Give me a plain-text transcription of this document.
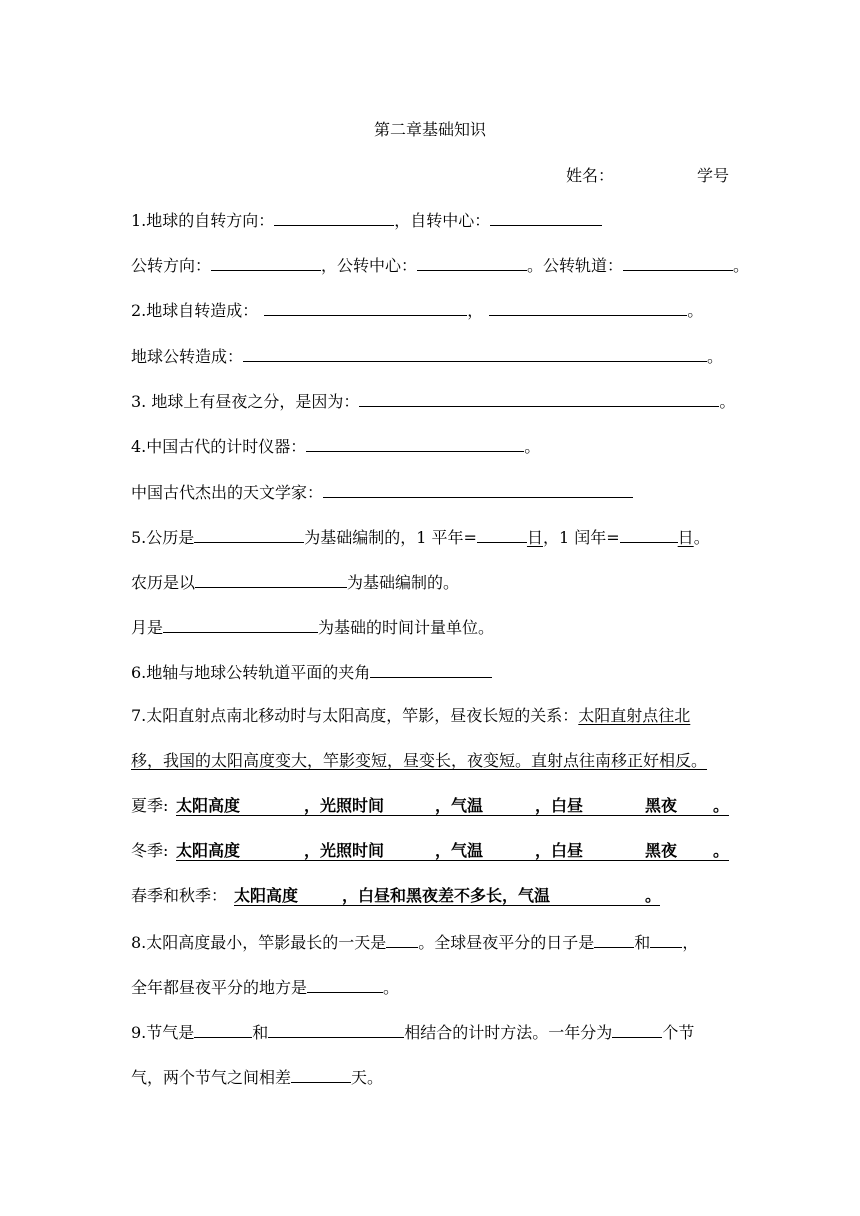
第二章基础知识
姓名：	学号
1.地球的自转方向：	，自转中心：
公转方向：	，公转中心：	。公转轨道：	。
2.地球自转造成：	，	。
地球公转造成：	。
3. 地球上有昼夜之分，是因为：	。
4.中国古代的计时仪器：	。
中国古代杰出的天文学家：
5.公历是	为基础编制的，1 平年=	日，1 闰年=	日。
农历是以	为基础编制的。
月是	为基础的时间计量单位。
6.地轴与地球公转轨道平面的夹角
7.太阳直射点南北移动时与太阳高度，竿影，昼夜长短的关系：太阳直射点往北
移，我国的太阳高度变大，竿影变短，昼变长，夜变短。直射点往南移正好相反。
夏季: 太阳高度	，光照时间	，气温	，白昼	黑夜 。
冬季: 太阳高度	，光照时间	，气温	，白昼	黑夜 。
春季和秋季： 太阳高度	，白昼和黑夜差不多长，气温	。
8.太阳高度最小，竿影最长的一天是 。全球昼夜平分的日子是	和 ，
全年都昼夜平分的地方是	。
9.节气是	和	相结合的计时方法。一年分为	个节
气，两个节气之间相差	天。
